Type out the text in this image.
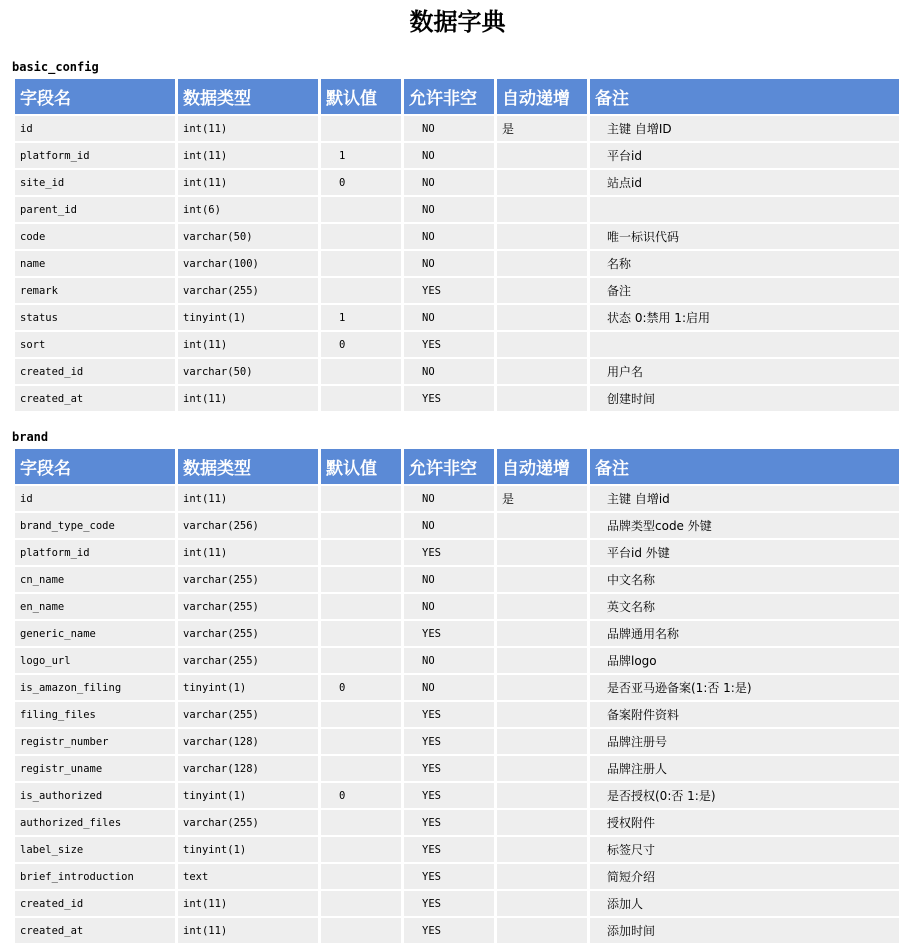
数据字典
basic_config
字段名	数据类型	默认值	允许非空	自动递增	备注
id	int(11)		NO	是	主键 自增ID
platform_id	int(11)	1	NO		平台id
site_id	int(11)	0	NO		站点id
parent_id	int(6)		NO		
code	varchar(50)		NO		唯一标识代码
name	varchar(100)		NO		名称
remark	varchar(255)		YES		备注
status	tinyint(1)	1	NO		状态 0:禁用 1:启用
sort	int(11)	0	YES		
created_id	varchar(50)		NO		用户名
created_at	int(11)		YES		创建时间
brand
字段名	数据类型	默认值	允许非空	自动递增	备注
id	int(11)		NO	是	主键 自增id
brand_type_code	varchar(256)		NO		品牌类型code 外键
platform_id	int(11)		YES		平台id 外键
cn_name	varchar(255)		NO		中文名称
en_name	varchar(255)		NO		英文名称
generic_name	varchar(255)		YES		品牌通用名称
logo_url	varchar(255)		NO		品牌logo
is_amazon_filing	tinyint(1)	0	NO		是否亚马逊备案(1:否 1:是)
filing_files	varchar(255)		YES		备案附件资料
registr_number	varchar(128)		YES		品牌注册号
registr_uname	varchar(128)		YES		品牌注册人
is_authorized	tinyint(1)	0	YES		是否授权(0:否 1:是)
authorized_files	varchar(255)		YES		授权附件
label_size	tinyint(1)		YES		标签尺寸
brief_introduction	text		YES		简短介绍
created_id	int(11)		YES		添加人
created_at	int(11)		YES		添加时间
